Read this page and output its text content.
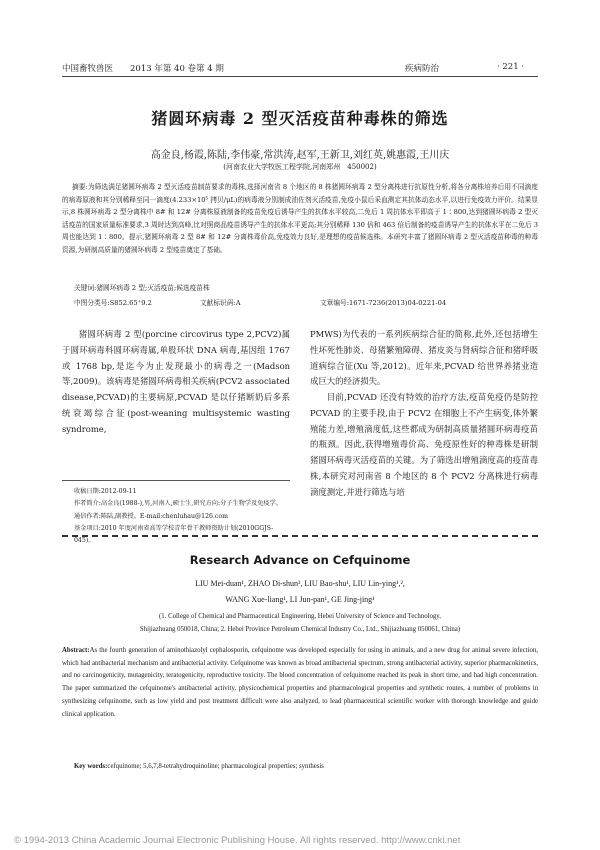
中国畜牧兽医 2013 年第 40 卷第 4 期	疾病防治	· 221 ·
猪圆环病毒 2 型灭活疫苗种毒株的筛选
高金良,杨霞,陈陆,李伟豪,常洪涛,赵军,王新卫,刘红英,姚惠霞,王川庆
(河南农业大学牧医工程学院,河南郑州　450002)
摘要:为筛选满足猪圆环病毒 2 型灭活疫苗制苗要求的毒株,选择河南省 8 个地区的 8 株猪圆环病毒 2 型分离株进行抗原性分析,将各分离株培养后用不同滴度的病毒原液和其分别稀释至同一滴度(4.233×10⁵ 拷贝/μL)的病毒液分别制成油佐剂灭活疫苗,免疫小鼠后采血测定其抗体动态水平,以进行免疫效力评价。结果显示,8 株圆环病毒 2 型分离株中 8# 和 12# 分离株原液制备的疫苗免疫后诱导产生的抗体水平较高,二免后 1 周抗体水平即高于 1∶800,达到猪圆环病毒 2 型灭活疫苗的国家质量标准要求,3 周时达到高峰,比对照商品疫苗诱导产生的抗体水平更高;其分别稀释 130 倍和 463 倍后制备的疫苗诱导产生的抗体水平在二免后 3 周也能达到 1∶800。提示,猪圆环病毒 2 型 8# 和 12# 分离株毒价高,免疫效力良好,是理想的疫苗候选株。本研究丰富了猪圆环病毒 2 型灭活疫苗种毒的种毒资源,为研制高质量的猪圆环病毒 2 型疫苗奠定了基础。
关键词:猪圆环病毒 2 型;灭活疫苗;候选疫苗株
中图分类号:S852.65⁺9.2	文献标识码:A	文章编号:1671-7236(2013)04-0221-04
猪圆环病毒 2 型(porcine circovirus type 2,PCV2)属于圆环病毒科圆环病毒属,单股环状 DNA 病毒,基因组 1767 或 1768 bp,是迄今为止发现最小的病毒之一(Madson 等,2009)。该病毒是猪圆环病毒相关疾病(PCV2 associated disease,PCVAD)的主要病原,PCVAD 是以仔猪断奶后多系统衰竭综合征(post-weaning multisystemic wasting syndrome,
PMWS)为代表的一系列疾病综合征的简称,此外,还包括增生性坏死性肺炎、母猪繁殖障碍、猪皮炎与肾病综合征和猪呼吸道病综合征(Xu 等,2012)。近年来,PCVAD 给世界养猪业造成巨大的经济损失。
目前,PCVAD 还没有特效的治疗方法,疫苗免疫仍是防控 PCVAD 的主要手段,由于 PCV2 在细胞上不产生病变,体外繁殖能力差,增殖滴度低,这些都成为研制高质量猪圆环病毒疫苗的瓶颈。因此,获得增殖毒价高、免疫原性好的种毒株是研制猪圆环病毒灭活疫苗的关键。为了筛选出增殖滴度高的疫苗毒株,本研究对河南省 8 个地区的 8 个 PCV2 分离株进行病毒滴度测定,并进行筛选与培
收稿日期:2012-09-11
作者简介:高金良(1988-),男,河南人,硕士生,研究方向:分子生物学及免疫学。
通信作者:陈陆,副教授。E-mail:chenluhau@126.com
基金项目:2010 年度河南省高等学校青年骨干教师资助计划(2010GGJS-045)。
Research Advance on Cefquinome
LIU Mei-duan¹, ZHAO Di-shun¹, LIU Bao-shu¹, LIU Lin-ying¹,²,
WANG Xue-liang¹, LI Jun-pan¹, GE Jing-jing¹
(1. College of Chemical and Pharmaceutical Engineering, Hebei University of Science and Technology,
Shijiazhuang 050018, China; 2. Hebei Province Petroleum Chemical Industry Co., Ltd., Shijiazhuang 050061, China)
Abstract:As the fourth generation of aminothiazolyl cephalosporin, cefquinome was developed especially for using in animals, and a new drug for animal severe infection, which had antibacterial mechanism and antibacterial activity. Cefquinome was known as broad antibacterial spectrum, strong antibacterial activity, superior pharmacokinetics, and no carcinogenicity, mutagenicity, teratogenicity, reproductive toxicity. The blood concentration of cefquinome reached its peak in short time, and had high concentration. The paper summarized the cefquinome's antibacterial activity, physicochemical properties and pharmacological properties and synthetic routes, a number of problems in synthesizing cefquinome, such as low yield and post treatment difficult were also analyzed, to lead pharmaceutical scientific worker with thorough knowledge and guide clinical application.
Key words:cefquinome; 5,6,7,8-tetrahydroquinoline; pharmacological properties; synthesis
© 1994-2013 China Academic Journal Electronic Publishing House. All rights reserved. http://www.cnki.net
